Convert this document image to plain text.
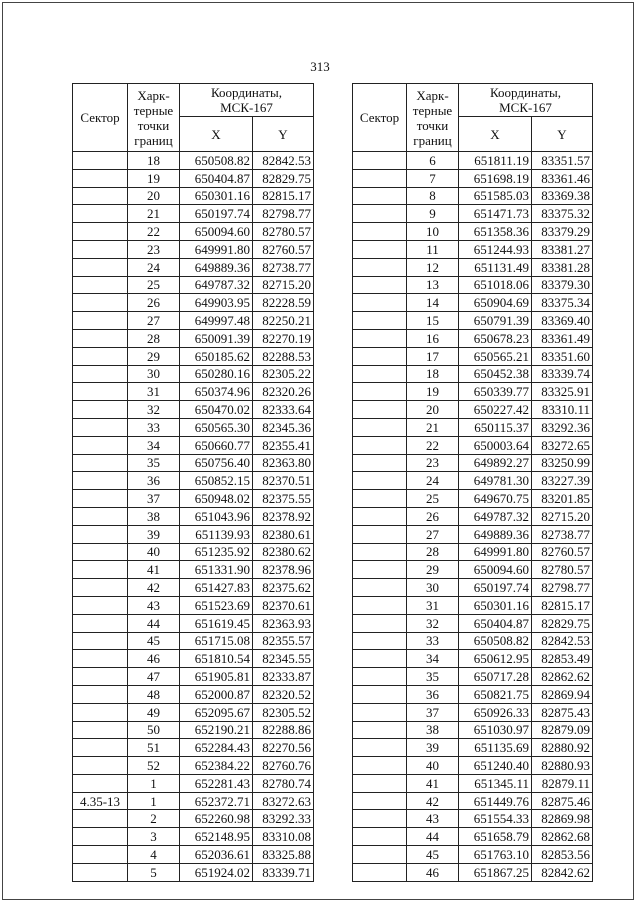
313
Сектор	Харк-
терные
точки
границ	Координаты,
МСК-167	

		X	Y
	18	650508.82	82842.53
	19	650404.87	82829.75
	20	650301.16	82815.17
	21	650197.74	82798.77
	22	650094.60	82780.57
	23	649991.80	82760.57
	24	649889.36	82738.77
	25	649787.32	82715.20
	26	649903.95	82228.59
	27	649997.48	82250.21
	28	650091.39	82270.19
	29	650185.62	82288.53
	30	650280.16	82305.22
	31	650374.96	82320.26
	32	650470.02	82333.64
	33	650565.30	82345.36
	34	650660.77	82355.41
	35	650756.40	82363.80
	36	650852.15	82370.51
	37	650948.02	82375.55
	38	651043.96	82378.92
	39	651139.93	82380.61
	40	651235.92	82380.62
	41	651331.90	82378.96
	42	651427.83	82375.62
	43	651523.69	82370.61
	44	651619.45	82363.93
	45	651715.08	82355.57
	46	651810.54	82345.55
	47	651905.81	82333.87
	48	652000.87	82320.52
	49	652095.67	82305.52
	50	652190.21	82288.86
	51	652284.43	82270.56
	52	652384.22	82760.76
	1	652281.43	82780.74
4.35-13	1	652372.71	83272.63
	2	652260.98	83292.33
	3	652148.95	83310.08
	4	652036.61	83325.88
	5	651924.02	83339.71
Сектор	Харк-
терные
точки
границ	Координаты,
МСК-167	

		X	Y
	6	651811.19	83351.57
	7	651698.19	83361.46
	8	651585.03	83369.38
	9	651471.73	83375.32
	10	651358.36	83379.29
	11	651244.93	83381.27
	12	651131.49	83381.28
	13	651018.06	83379.30
	14	650904.69	83375.34
	15	650791.39	83369.40
	16	650678.23	83361.49
	17	650565.21	83351.60
	18	650452.38	83339.74
	19	650339.77	83325.91
	20	650227.42	83310.11
	21	650115.37	83292.36
	22	650003.64	83272.65
	23	649892.27	83250.99
	24	649781.30	83227.39
	25	649670.75	83201.85
	26	649787.32	82715.20
	27	649889.36	82738.77
	28	649991.80	82760.57
	29	650094.60	82780.57
	30	650197.74	82798.77
	31	650301.16	82815.17
	32	650404.87	82829.75
	33	650508.82	82842.53
	34	650612.95	82853.49
	35	650717.28	82862.62
	36	650821.75	82869.94
	37	650926.33	82875.43
	38	651030.97	82879.09
	39	651135.69	82880.92
	40	651240.40	82880.93
	41	651345.11	82879.11
	42	651449.76	82875.46
	43	651554.33	82869.98
	44	651658.79	82862.68
	45	651763.10	82853.56
	46	651867.25	82842.62
